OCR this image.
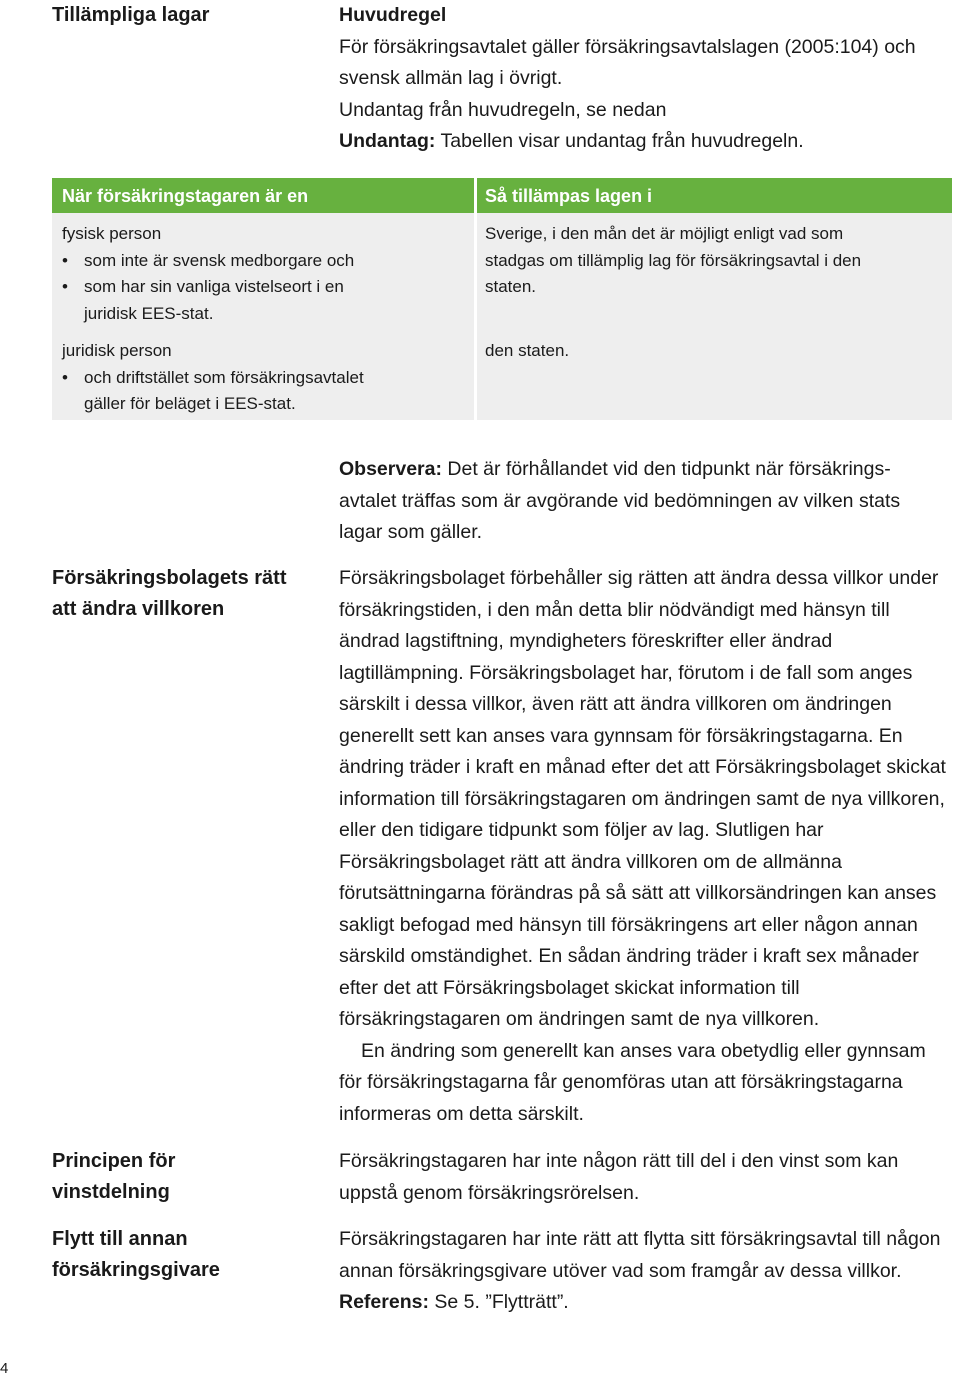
Tillämpliga lagar	Huvudregel
För försäkringsavtalet gäller försäkringsavtalslagen (2005:104) och svensk allmän lag i övrigt.
Undantag från huvudregeln, se nedan
Undantag: Tabellen visar undantag från huvudregeln.
När försäkringstagaren är en	Så tillämpas lagen i
fysisk person
• som inte är svensk medborgare och
• som har sin vanliga vistelseort i en juridisk EES-stat.
Sverige, i den mån det är möjligt enligt vad som stadgas om tillämplig lag för försäkringsavtal i den staten.
juridisk person
• och driftstället som försäkringsavtalet gäller för beläget i EES-stat.
den staten.
Observera: Det är förhållandet vid den tidpunkt när försäkringsavtalet träffas som är avgörande vid bedömningen av vilken stats lagar som gäller.
Försäkringsbolagets rätt
att ändra villkoren
Försäkringsbolaget förbehåller sig rätten att ändra dessa villkor under försäkringstiden, i den mån detta blir nödvändigt med hänsyn till ändrad lagstiftning, myndigheters föreskrifter eller ändrad lagtillämpning. Försäkringsbolaget har, förutom i de fall som anges särskilt i dessa villkor, även rätt att ändra villkoren om ändringen generellt sett kan anses vara gynnsam för försäkringstagarna. En ändring träder i kraft en månad efter det att Försäkringsbolaget skickat information till försäkringstagaren om ändringen samt de nya villkoren, eller den tidigare tidpunkt som följer av lag. Slutligen har Försäkringsbolaget rätt att ändra villkoren om de allmänna förutsättningarna förändras på så sätt att villkorsändringen kan anses sakligt befogad med hänsyn till försäkringens art eller någon annan särskild omständighet. En sådan ändring träder i kraft sex månader efter det att Försäkringsbolaget skickat information till försäkringstagaren om ändringen samt de nya villkoren.
En ändring som generellt kan anses vara obetydlig eller gynnsam för försäkringstagarna får genomföras utan att försäkringstagarna informeras om detta särskilt.
Principen för
vinstdelning
Försäkringstagaren har inte någon rätt till del i den vinst som kan uppstå genom försäkringsrörelsen.
Flytt till annan
försäkringsgivare
Försäkringstagaren har inte rätt att flytta sitt försäkringsavtal till någon annan försäkringsgivare utöver vad som framgår av dessa villkor.
Referens: Se 5. ”Flytträtt”.
4
